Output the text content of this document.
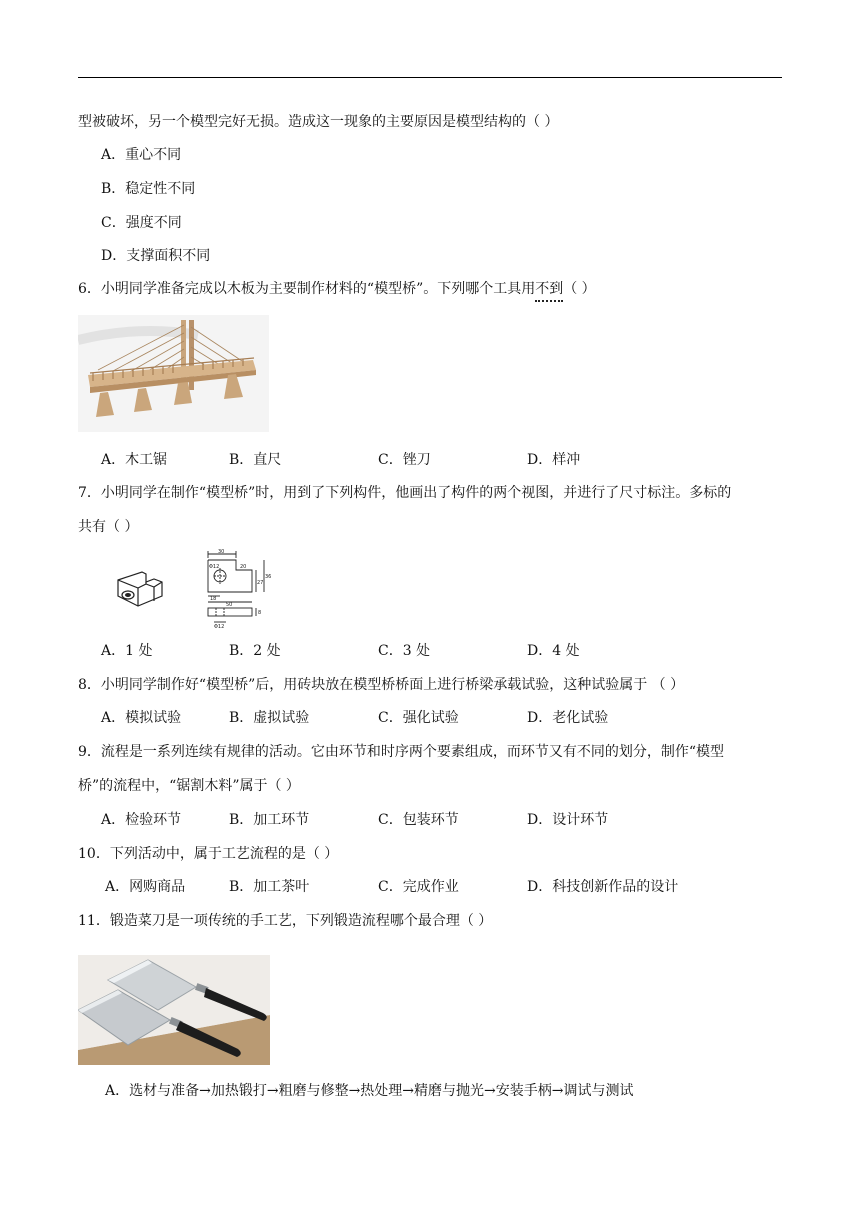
型被破坏，另一个模型完好无损。造成这一现象的主要原因是模型结构的（ ）
A．重心不同
B．稳定性不同
C．强度不同
D．支撑面积不同
6．小明同学准备完成以木板为主要制作材料的“模型桥”。下列哪个工具用不到（ ）
A．木工锯	B．直尺	C．锉刀	D．样冲
7．小明同学在制作“模型桥”时，用到了下列构件，他画出了构件的两个视图，并进行了尺寸标注。多标的
共有（ ）
30
Φ12	20
27
36
18
50
8
Φ12
A．1 处	B．2 处	C．3 处	D．4 处
8．小明同学制作好“模型桥”后，用砖块放在模型桥桥面上进行桥梁承载试验，这种试验属于 （ ）
A．模拟试验	B．虚拟试验	C．强化试验	D．老化试验
9．流程是一系列连续有规律的活动。它由环节和时序两个要素组成，而环节又有不同的划分，制作“模型
桥”的流程中，“锯割木料”属于（ ）
A．检验环节	B．加工环节	C．包装环节	D．设计环节
10．下列活动中，属于工艺流程的是（ ）
A．网购商品	B．加工茶叶	C．完成作业	D．科技创新作品的设计
11．锻造菜刀是一项传统的手工艺，下列锻造流程哪个最合理（ ）
A．选材与准备→加热锻打→粗磨与修整→热处理→精磨与抛光→安装手柄→调试与测试
